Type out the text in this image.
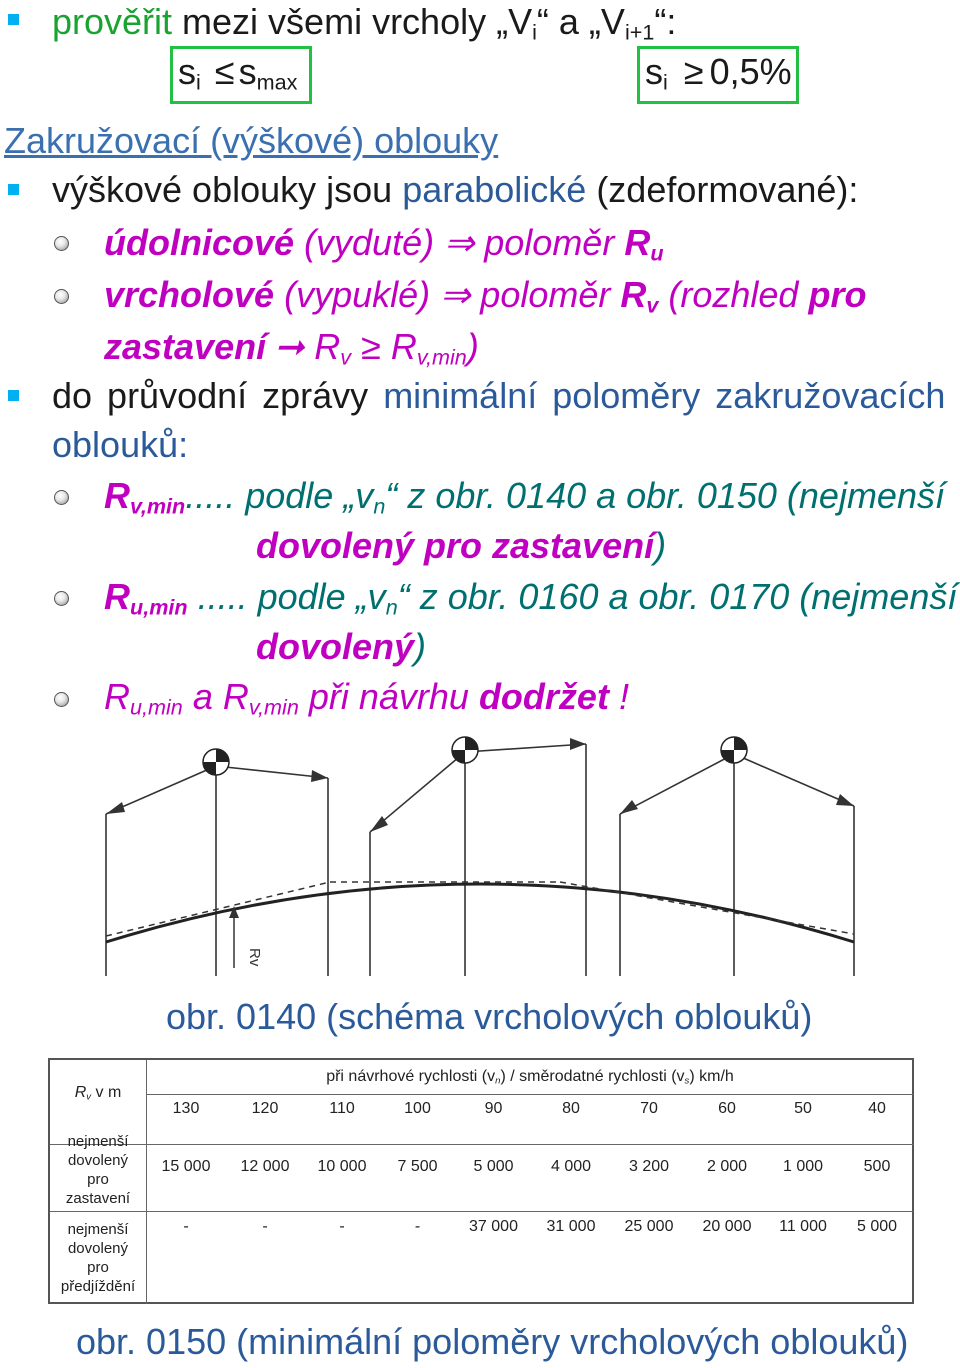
prověřit mezi všemi vrcholy $„V_i“$ a $„V_{i+1}“$:
$s_i \le s_{max}$	$s_i \ge 0,5\%$
Zakružovací (výškové) oblouky
výškové oblouky jsou parabolické (zdeformované):
údolnicové (vyduté) ⇒ poloměr $R_u$
vrcholové (vypuklé) ⇒ poloměr $R_v$ (rozhled pro
zastavení ➞ $R_v \ge R_{v,min}$)
do průvodní zprávy minimální poloměry zakružovacích
oblouků:
$R_{v,min}$..... podle $„v_n“$ z obr. 0140 a obr. 0150 (nejmenší
dovolený pro zastavení)
$R_{u,min}$ ..... podle $„v_n“$ z obr. 0160 a obr. 0170 (nejmenší
dovolený)
$R_{u,min}$ a $R_{v,min}$ při návrhu dodržet !
Rv
obr. 0140 (schéma vrcholových oblouků)
$R_v$ v m
při návrhové rychlosti $(v_n)$ / směrodatné rychlosti $(v_s)$ km/h
130	120	110	100	90	80	70	60	50	40
nejmenší
dovolený
pro
zastavení
15 000	12 000	10 000	7 500	5 000	4 000	3 200	2 000	1 000	500
nejmenší
dovolený
pro
předjíždění
-	-	-	-	37 000	31 000	25 000	20 000	11 000	5 000
obr. 0150 (minimální poloměry vrcholových oblouků)
